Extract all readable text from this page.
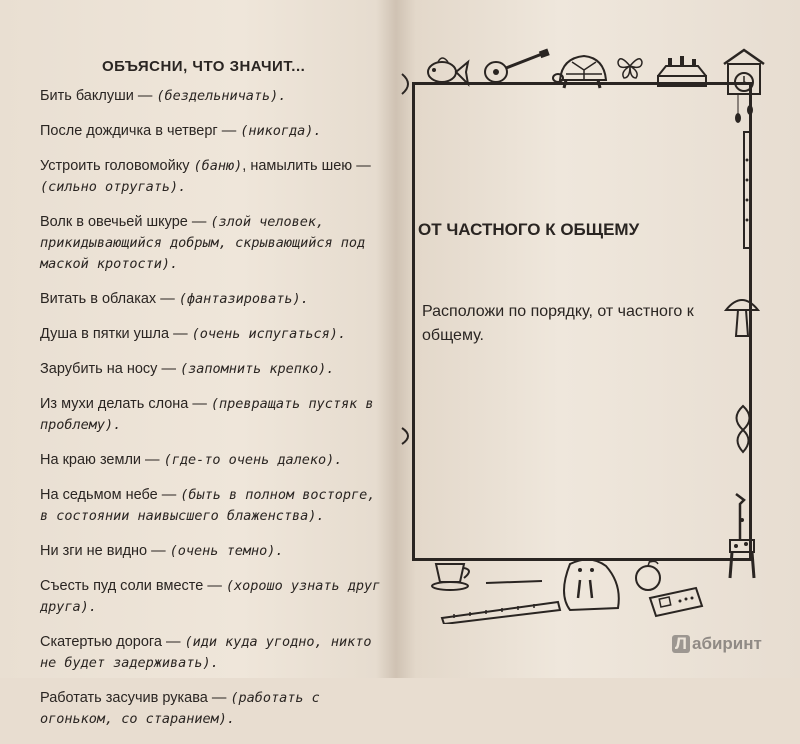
ОБЪЯСНИ, ЧТО ЗНАЧИТ...

Бить баклуши — (бездельничать).

После дождичка в четверг — (никогда).

Устроить головомойку (баню), намылить шею — (сильно отругать).

Волк в овечьей шкуре — (злой человек, прикидывающийся добрым, скрывающийся под маской кротости).

Витать в облаках — (фантазировать).

Душа в пятки ушла — (очень испугаться).

Зарубить на носу — (запомнить крепко).

Из мухи делать слона — (превращать пустяк в проблему).

На краю земли — (где-то очень далеко).

На седьмом небе — (быть в полном восторге, в состоянии наивысшего блаженства).

Ни зги не видно — (очень темно).

Съесть пуд соли вместе — (хорошо узнать друг друга).

Скатертью дорога — (иди куда угодно, никто не будет задерживать).

Работать засучив рукава — (работать с огоньком, со старанием).

ОТ ЧАСТНОГО К ОБЩЕМУ
Расположи по порядку, от частного к общему.
Л абиринт
